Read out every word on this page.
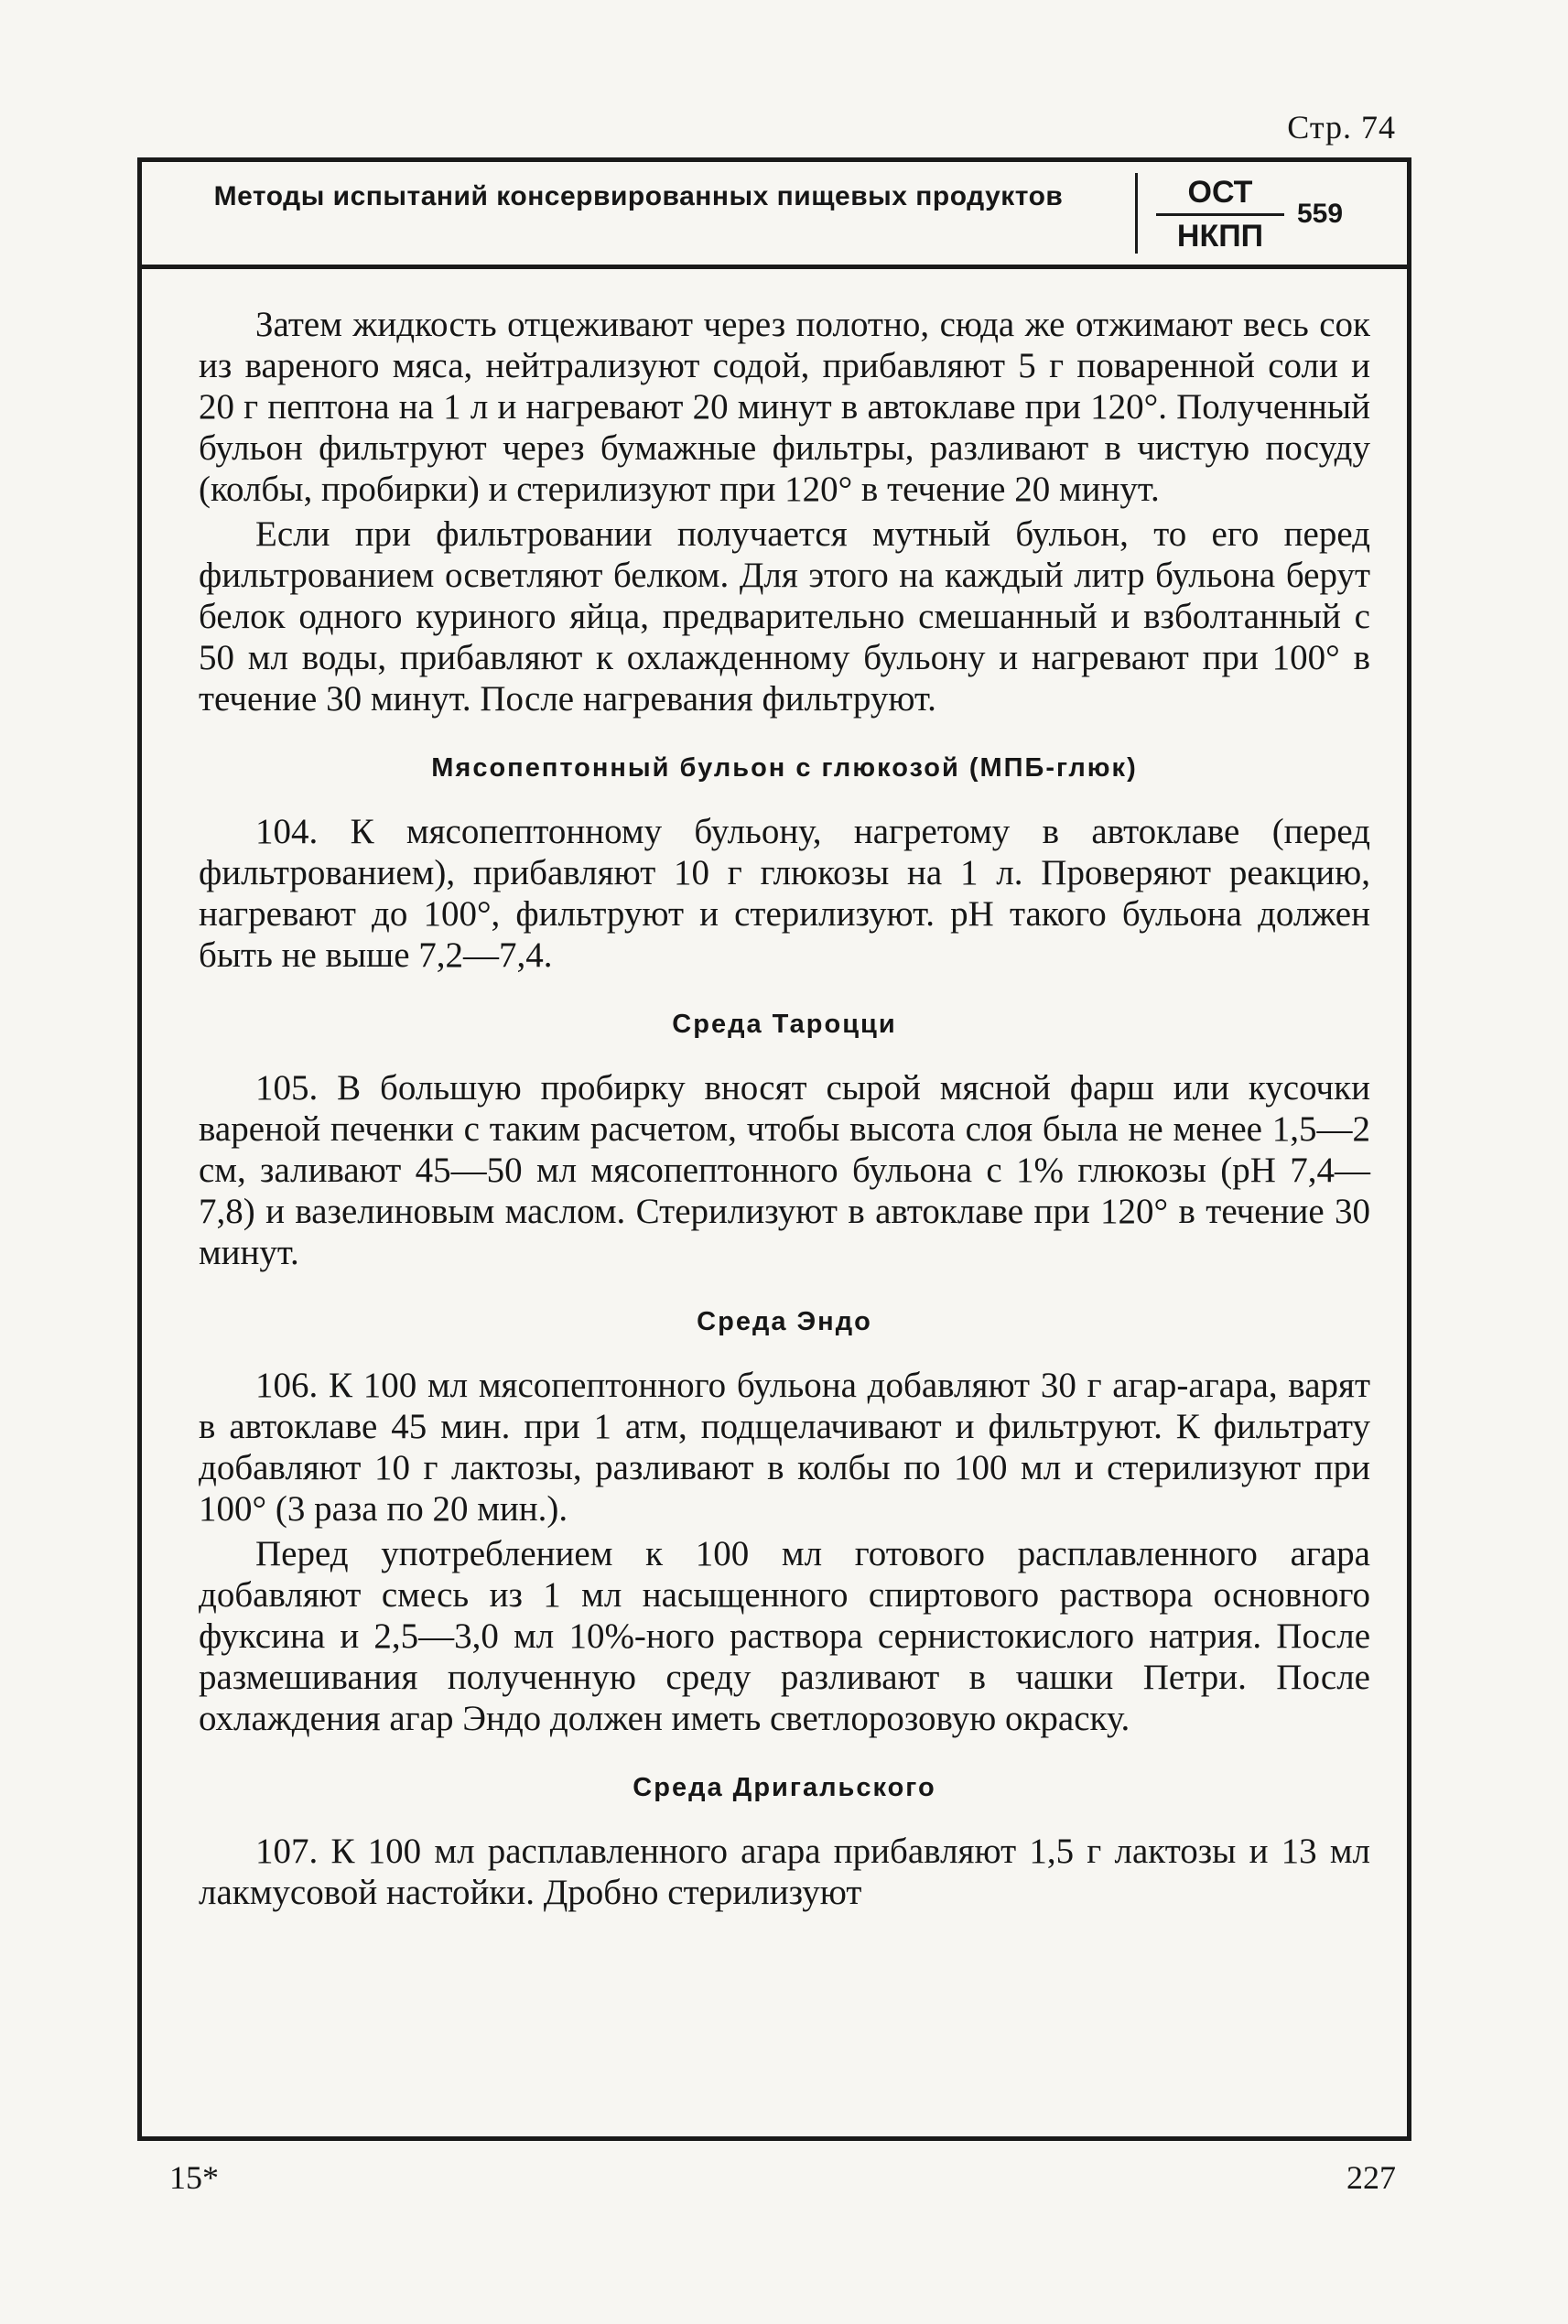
Стр. 74
Методы испытаний консервированных пищевых продуктов	ОСТ
НКПП
559

Затем жидкость отцеживают через полотно, сюда же отжимают весь сок из вареного мяса, нейтрализуют содой, прибавляют 5 г поваренной соли и 20 г пептона на 1 л и нагревают 20 минут в автоклаве при 120°. Полученный бульон фильтруют через бумажные фильтры, разливают в чистую посуду (колбы, пробирки) и стерилизуют при 120° в течение 20 минут.

Если при фильтровании получается мутный бульон, то его перед фильтрованием осветляют белком. Для этого на каждый литр бульона берут белок одного куриного яйца, предварительно смешанный и взболтанный с 50 мл воды, прибавляют к охлажденному бульону и нагревают при 100° в течение 30 минут. После нагревания фильтруют.

Мясопептонный бульон с глюкозой (МПБ-глюк)

104. К мясопептонному бульону, нагретому в автоклаве (перед фильтрованием), прибавляют 10 г глюкозы на 1 л. Проверяют реакцию, нагревают до 100°, фильтруют и стерилизуют. pH такого бульона должен быть не выше 7,2—7,4.

Среда Тароцци

105. В большую пробирку вносят сырой мясной фарш или кусочки вареной печенки с таким расчетом, чтобы высота слоя была не менее 1,5—2 см, заливают 45—50 мл мясопептонного бульона с 1% глюкозы (pH 7,4—7,8) и вазелиновым маслом. Стерилизуют в автоклаве при 120° в течение 30 минут.

Среда Эндо

106. К 100 мл мясопептонного бульона добавляют 30 г агар-агара, варят в автоклаве 45 мин. при 1 атм, подщелачивают и фильтруют. К фильтрату добавляют 10 г лактозы, разливают в колбы по 100 мл и стерилизуют при 100° (3 раза по 20 мин.).

Перед употреблением к 100 мл готового расплавленного агара добавляют смесь из 1 мл насыщенного спиртового раствора основного фуксина и 2,5—3,0 мл 10%-ного раствора сернистокислого натрия. После размешивания полученную среду разливают в чашки Петри. После охлаждения агар Эндо должен иметь светлорозовую окраску.

Среда Дригальского

107. К 100 мл расплавленного агара прибавляют 1,5 г лактозы и 13 мл лакмусовой настойки. Дробно стерилизуют

15*	227
